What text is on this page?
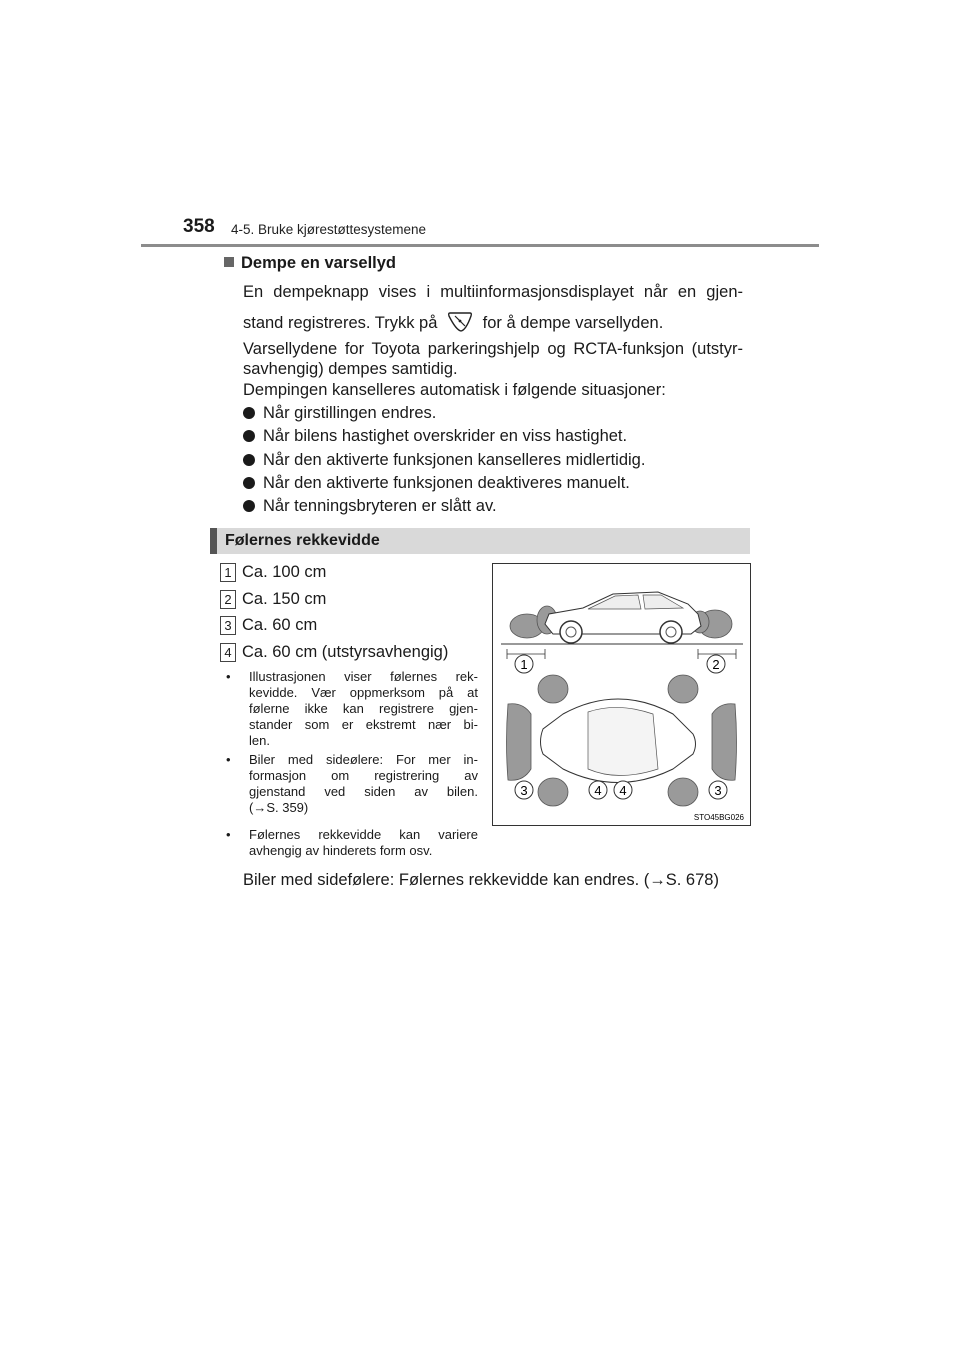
358 4-5. Bruke kjørestøttesystemene
Dempe en varsellyd
En dempeknapp vises i multiinformasjonsdisplayet når en gjen-
stand registreres. Trykk på	for å dempe varsellyden.
Varsellydene for Toyota parkeringshjelp og RCTA-funksjon (utstyr-
savhengig) dempes samtidig.
Dempingen kanselleres automatisk i følgende situasjoner:
Når girstillingen endres.
Når bilens hastighet overskrider en viss hastighet.
Når den aktiverte funksjonen kanselleres midlertidig.
Når den aktiverte funksjonen deaktiveres manuelt.
Når tenningsbryteren er slått av.
Følernes rekkevidde
1 Ca. 100 cm
2 Ca. 150 cm
3 Ca. 60 cm
4 Ca. 60 cm (utstyrsavhengig)
• Illustrasjonen viser følernes rek-
kevidde. Vær oppmerksom på at
følerne ikke kan registrere gjen-
stander som er ekstremt nær bi-
len.
• Biler med sideølere: For mer in-
formasjon om registrering av
gjenstand ved siden av bilen.
(→S. 359)
• Følernes rekkevidde kan variere
avhengig av hinderets form osv.
1	2
3	4 4	3
STO45BG026
Biler med sidefølere: Følernes rekkevidde kan endres. (→S. 678)
